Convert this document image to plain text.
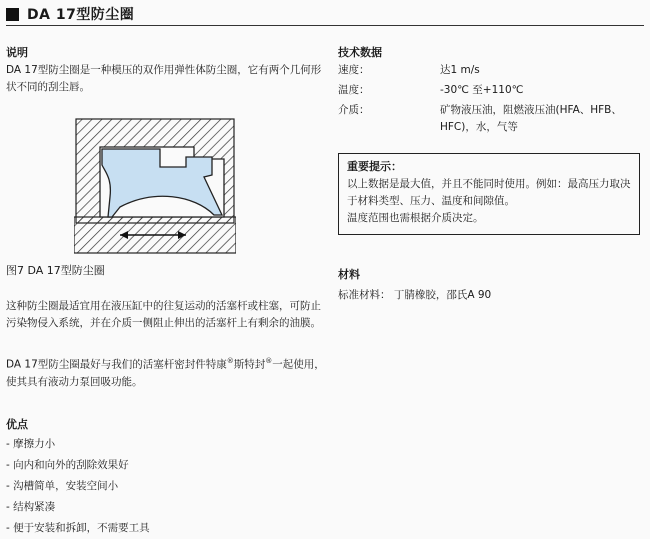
DA 17型防尘圈
说明
DA 17型防尘圈是一种模压的双作用弹性体防尘圈，它有两个几何形状不同的刮尘唇。
图7 DA 17型防尘圈
这种防尘圈最适宜用在液压缸中的往复运动的活塞杆或柱塞，可防止污染物侵入系统，并在介质一侧阻止伸出的活塞杆上有剩余的油膜。
DA 17型防尘圈最好与我们的活塞杆密封件特康®斯特封®一起使用，使其具有液动力泵回吸功能。
优点
- 摩擦力小
- 向内和向外的刮除效果好
- 沟槽简单，安装空间小
- 结构紧凑
- 便于安装和拆卸，不需要工具
技术数据
速度：	达1 m/s
温度：	-30℃ 至+110℃
介质：	矿物液压油，阻燃液压油(HFA、HFB、HFC)，水，气等
重要提示：
以上数据是最大值，并且不能同时使用。例如：最高压力取决于材料类型、压力、温度和间隙值。
温度范围也需根据介质决定。
材料
标准材料： 丁腈橡胶，邵氏A 90
